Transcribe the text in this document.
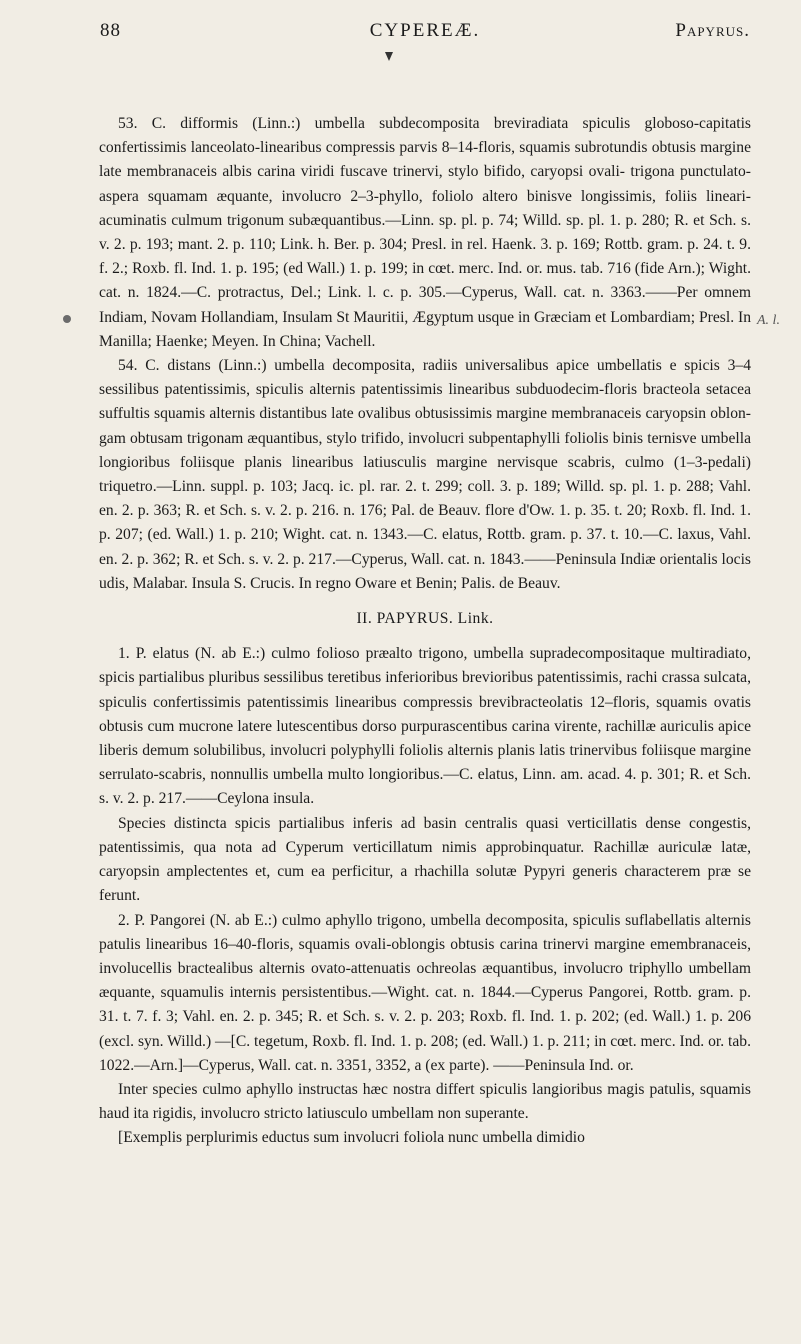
88	CYPEREÆ.	Papyrus.
A. l.

53. C. difformis (Linn.:) umbella subdecomposita breviradiata spiculis globoso-capitatis confertissimis lanceolato-linearibus compressis parvis 8–14-floris, squamis subrotundis obtusis margine late membranaceis albis carina viridi fuscave trinervi, stylo bifido, caryopsi ovali- trigona punctulato-aspera squamam æquante, involucro 2–3-phyllo, foliolo altero binisve longissimis, foliis lineari-acuminatis culmum trigonum subæquantibus.—Linn. sp. pl. p. 74; Willd. sp. pl. 1. p. 280; R. et Sch. s. v. 2. p. 193; mant. 2. p. 110; Link. h. Ber. p. 304; Presl. in rel. Haenk. 3. p. 169; Rottb. gram. p. 24. t. 9. f. 2.; Roxb. fl. Ind. 1. p. 195; (ed Wall.) 1. p. 199; in cœt. merc. Ind. or. mus. tab. 716 (fide Arn.); Wight. cat. n. 1824.—C. protractus, Del.; Link. l. c. p. 305.—Cyperus, Wall. cat. n. 3363.——Per omnem Indiam, Novam Hollandiam, Insulam St Mauritii, Ægyptum usque in Græciam et Lombardiam; Presl. In Manilla; Haenke; Meyen. In China; Vachell.

54. C. distans (Linn.:) umbella decomposita, radiis universalibus apice umbellatis e spicis 3–4 sessilibus patentissimis, spiculis alternis patentissimis linearibus subduodecim-floris bracteola setacea suffultis squamis alternis distantibus late ovalibus obtusissimis margine membranaceis caryopsin oblongam obtusam trigonam æquantibus, stylo trifido, involucri subpentaphylli foliolis binis ternisve umbella longioribus foliisque planis linearibus latiusculis margine nervisque scabris, culmo (1–3-pedali) triquetro.—Linn. suppl. p. 103; Jacq. ic. pl. rar. 2. t. 299; coll. 3. p. 189; Willd. sp. pl. 1. p. 288; Vahl. en. 2. p. 363; R. et Sch. s. v. 2. p. 216. n. 176; Pal. de Beauv. flore d'Ow. 1. p. 35. t. 20; Roxb. fl. Ind. 1. p. 207; (ed. Wall.) 1. p. 210; Wight. cat. n. 1343.—C. elatus, Rottb. gram. p. 37. t. 10.—C. laxus, Vahl. en. 2. p. 362; R. et Sch. s. v. 2. p. 217.—Cyperus, Wall. cat. n. 1843.——Peninsula Indiæ orientalis locis udis, Malabar. Insula S. Crucis. In regno Oware et Benin; Palis. de Beauv.

II. PAPYRUS. Link.

1. P. elatus (N. ab E.:) culmo folioso præalto trigono, umbella supradecompositaque multiradiato, spicis partialibus pluribus sessilibus teretibus inferioribus brevioribus patentissimis, rachi crassa sulcata, spiculis confertissimis patentissimis linearibus compressis brevibracteolatis 12–floris, squamis ovatis obtusis cum mucrone latere lutescentibus dorso purpurascentibus carina virente, rachillæ auriculis apice liberis demum solubilibus, involucri polyphylli foliolis alternis planis latis trinervibus foliisque margine serrulato-scabris, nonnullis umbella multo longioribus.—C. elatus, Linn. am. acad. 4. p. 301; R. et Sch. s. v. 2. p. 217.——Ceylona insula.

Species distincta spicis partialibus inferis ad basin centralis quasi verticillatis dense congestis, patentissimis, qua nota ad Cyperum verticillatum nimis approbinquatur. Rachillæ auriculæ latæ, caryopsin amplectentes et, cum ea perficitur, a rhachilla solutæ Pypyri generis characterem præ se ferunt.

2. P. Pangorei (N. ab E.:) culmo aphyllo trigono, umbella decomposita, spiculis suflabellatis alternis patulis linearibus 16–40-floris, squamis ovali-oblongis obtusis carina trinervi margine emembranaceis, involucellis bractealibus alternis ovato-attenuatis ochreolas æquantibus, involucro triphyllo umbellam æquante, squamulis internis persistentibus.—Wight. cat. n. 1844.—Cyperus Pangorei, Rottb. gram. p. 31. t. 7. f. 3; Vahl. en. 2. p. 345; R. et Sch. s. v. 2. p. 203; Roxb. fl. Ind. 1. p. 202; (ed. Wall.) 1. p. 206 (excl. syn. Willd.) —[C. tegetum, Roxb. fl. Ind. 1. p. 208; (ed. Wall.) 1. p. 211; in cœt. merc. Ind. or. tab. 1022.—Arn.]—Cyperus, Wall. cat. n. 3351, 3352, a (ex parte). ——Peninsula Ind. or.

Inter species culmo aphyllo instructas hæc nostra differt spiculis langioribus magis patulis, squamis haud ita rigidis, involucro stricto latiusculo umbellam non superante.

[Exemplis perplurimis eductus sum involucri foliola nunc umbella dimidio
